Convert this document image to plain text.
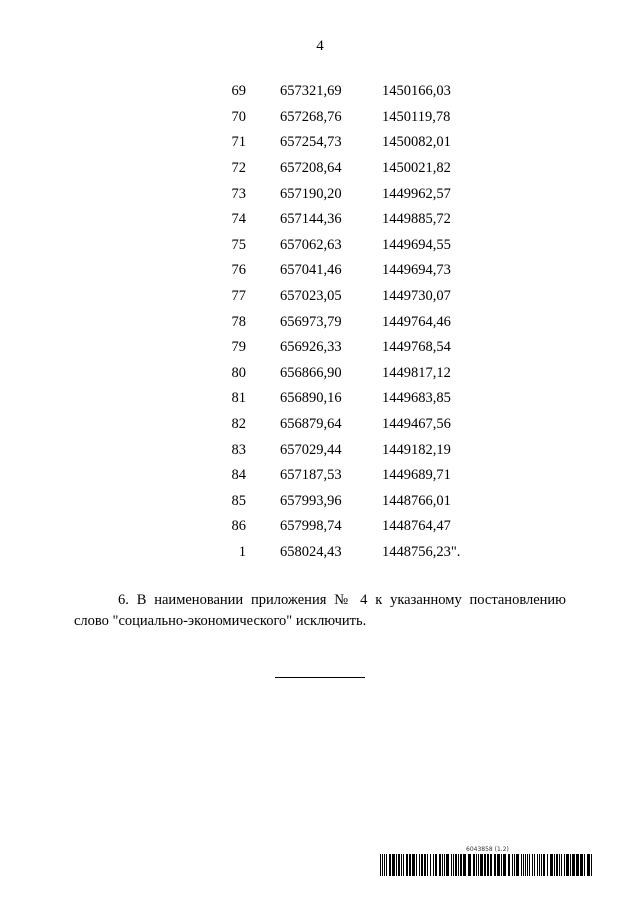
4
69	657321,69	1450166,03
70	657268,76	1450119,78
71	657254,73	1450082,01
72	657208,64	1450021,82
73	657190,20	1449962,57
74	657144,36	1449885,72
75	657062,63	1449694,55
76	657041,46	1449694,73
77	657023,05	1449730,07
78	656973,79	1449764,46
79	656926,33	1449768,54
80	656866,90	1449817,12
81	656890,16	1449683,85
82	656879,64	1449467,56
83	657029,44	1449182,19
84	657187,53	1449689,71
85	657993,96	1448766,01
86	657998,74	1448764,47
1	658024,43	1448756,23".
6. В наименовании приложения № 4 к указанному постановлению слово "социально-экономического" исключить.
6043858 (1.2)
